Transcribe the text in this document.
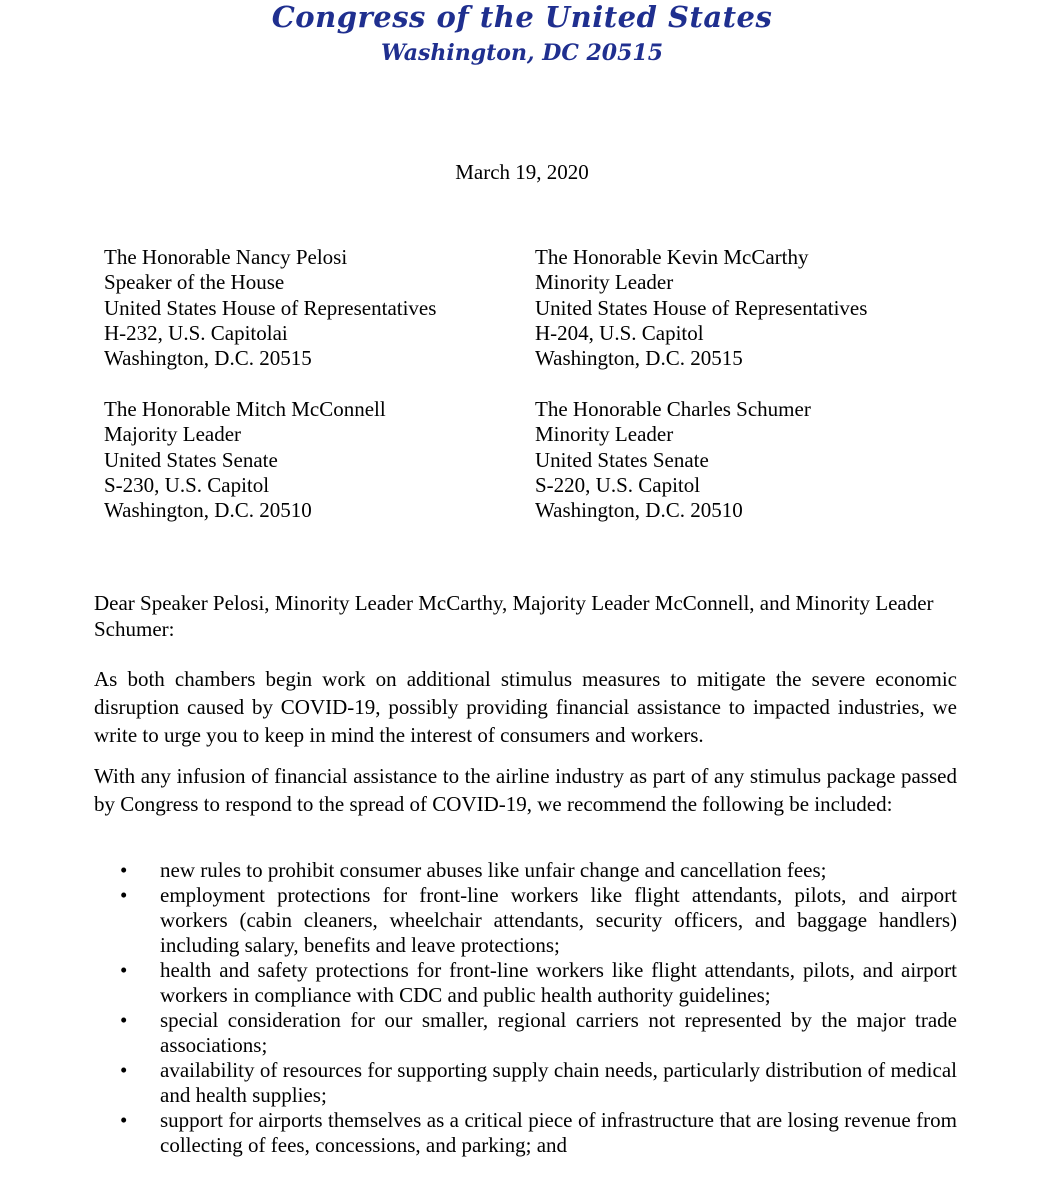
Congress of the United States
Washington, DC 20515
March 19, 2020
The Honorable Nancy Pelosi
Speaker of the House
United States House of Representatives
H-232, U.S. Capitolai
Washington, D.C. 20515
The Honorable Kevin McCarthy
Minority Leader
United States House of Representatives
H-204, U.S. Capitol
Washington, D.C. 20515
The Honorable Mitch McConnell
Majority Leader
United States Senate
S-230, U.S. Capitol
Washington, D.C. 20510
The Honorable Charles Schumer
Minority Leader
United States Senate
S-220, U.S. Capitol
Washington, D.C. 20510
Dear Speaker Pelosi, Minority Leader McCarthy, Majority Leader McConnell, and Minority Leader Schumer:
As both chambers begin work on additional stimulus measures to mitigate the severe economic disruption caused by COVID-19, possibly providing financial assistance to impacted industries, we write to urge you to keep in mind the interest of consumers and workers.
With any infusion of financial assistance to the airline industry as part of any stimulus package passed by Congress to respond to the spread of COVID-19, we recommend the following be included:
• new rules to prohibit consumer abuses like unfair change and cancellation fees;
• employment protections for front-line workers like flight attendants, pilots, and airport workers (cabin cleaners, wheelchair attendants, security officers, and baggage handlers) including salary, benefits and leave protections;
• health and safety protections for front-line workers like flight attendants, pilots, and airport workers in compliance with CDC and public health authority guidelines;
• special consideration for our smaller, regional carriers not represented by the major trade associations;
• availability of resources for supporting supply chain needs, particularly distribution of medical and health supplies;
• support for airports themselves as a critical piece of infrastructure that are losing revenue from collecting of fees, concessions, and parking; and
